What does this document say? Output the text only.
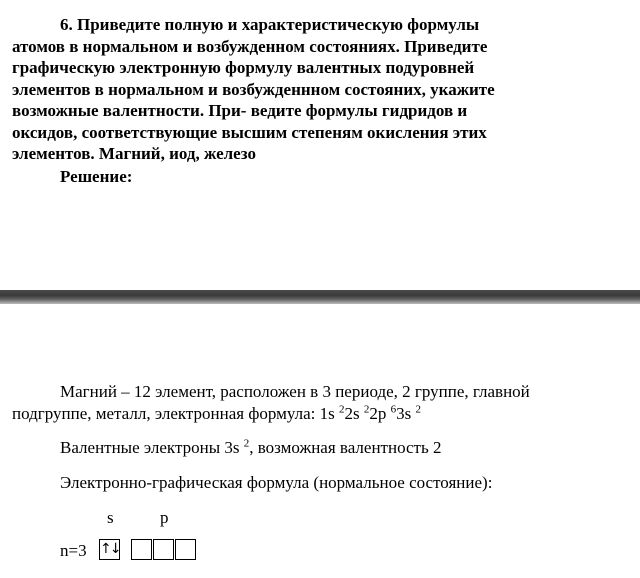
6. Приведите полную и характеристическую формулы
атомов в нормальном и возбужденном состояниях. Приведите
графическую электронную формулу валентных подуровней
элементов в нормальном и возбужденнном состояних, укажите
возможные валентности. При- ведите формулы гидридов и
оксидов, соответствующие высшим степеням окисления этих
элементов. Магний, иод, железо
Решение:
Магний – 12 элемент, расположен в 3 периоде, 2 группе, главной
подгруппе, металл, электронная формула: 1s $^2$2s $^2$2p $^6$3s $^2$
Валентные электроны 3s $^2$, возможная валентность 2
Электронно-графическая формула (нормальное состояние):
s	p
n=3 ↑↓
